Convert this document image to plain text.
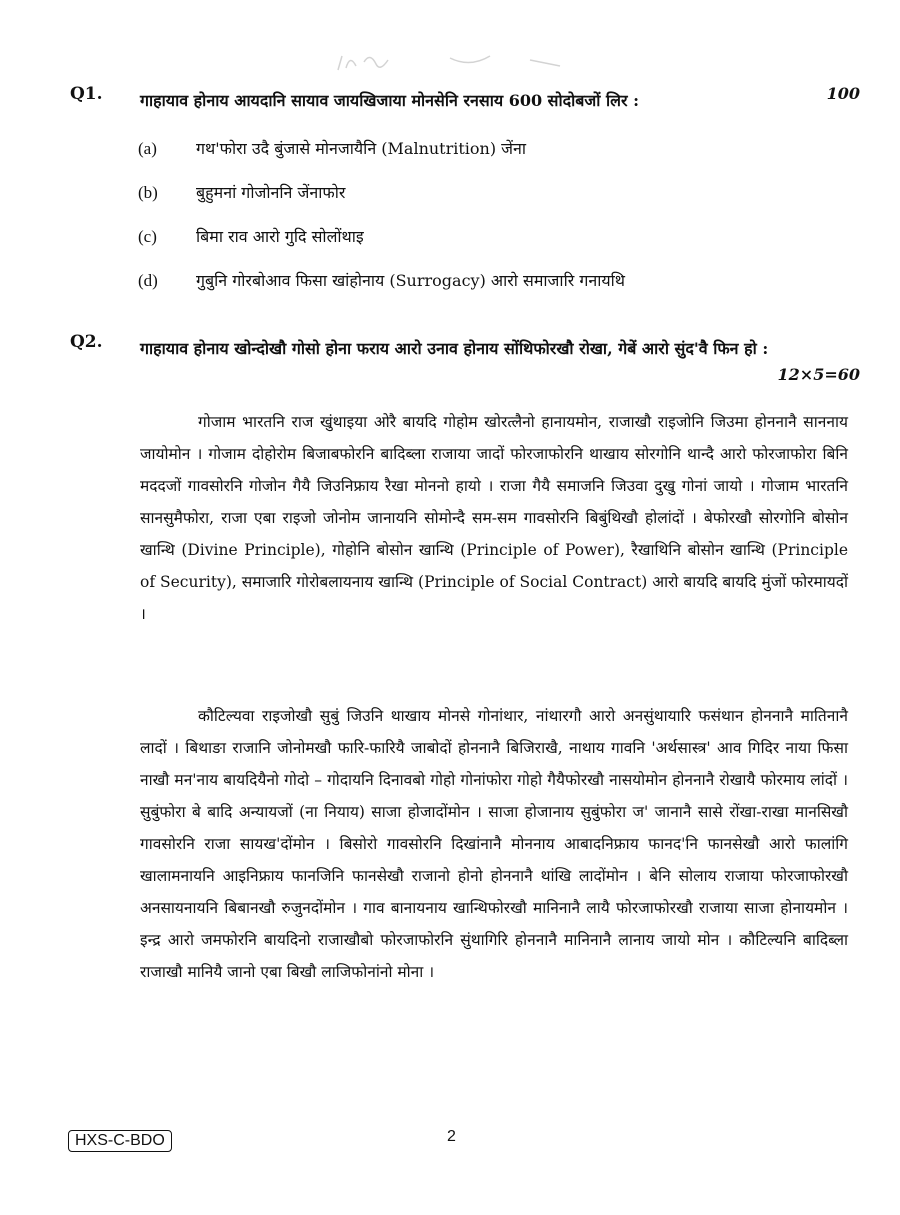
Q1. गाहायाव होनाय आयदानि सायाव जायखिजाया मोनसेनि रनसाय 600 सोदोबजों लिर :	100
(a) गथ'फोरा उदै बुंजासे मोनजायैनि (Malnutrition) जेंना
(b) बुहुमनां गोजोननि जेंनाफोर
(c) बिमा राव आरो गुदि सोलोंथाइ
(d) गुबुनि गोरबोआव फिसा खांहोनाय (Surrogacy) आरो समाजारि गनायथि
Q2. गाहायाव होनाय खोन्दोखौ गोसो होना फराय आरो उनाव होनाय सोंथिफोरखौ रोखा, गेबें आरो सुंद'वै फिन हो :
12×5=60
गोजाम भारतनि राज खुंथाइया ओरै बायदि गोहोम खोरत्लैनो हानायमोन, राजाखौ राइजोनि जिउमा होननानै साननाय जायोमोन । गोजाम दोहोरोम बिजाबफोरनि बादिब्ला राजाया जादों फोरजाफोरनि थाखाय सोरगोनि थान्दै आरो फोरजाफोरा बिनि मददजों गावसोरनि गोजोन गैयै जिउनिफ्राय रैखा मोननो हायो । राजा गैयै समाजनि जिउवा दुखु गोनां जायो । गोजाम भारतनि सानसुमैफोरा, राजा एबा राइजो जोनोम जानायनि सोमोन्दै सम-सम गावसोरनि बिबुंथिखौ होलांदों । बेफोरखौ सोरगोनि बोसोन खान्थि (Divine Principle), गोहोनि बोसोन खान्थि (Principle of Power), रैखाथिनि बोसोन खान्थि (Principle of Security), समाजारि गोरोबलायनाय खान्थि (Principle of Social Contract) आरो बायदि बायदि मुंजों फोरमायदों ।
कौटिल्यवा राइजोखौ सुबुं जिउनि थाखाय मोनसे गोनांथार, नांथारगौ आरो अनसुंथायारि फसंथान होननानै मातिनानै लादों । बिथाङा राजानि जोनोमखौ फारि-फारियै जाबोदों होननानै बिजिराखै, नाथाय गावनि 'अर्थसास्त्र' आव गिदिर नाया फिसा नाखौ मन'नाय बायदियैनो गोदो – गोदायनि दिनावबो गोहो गोनांफोरा गोहो गैयैफोरखौ नासयोमोन होननानै रोखायै फोरमाय लांदों । सुबुंफोरा बे बादि अन्यायजों (ना नियाय) साजा होजादोंमोन । साजा होजानाय सुबुंफोरा ज' जानानै सासे रोंखा-राखा मानसिखौ गावसोरनि राजा सायख'दोंमोन । बिसोरो गावसोरनि दिखांनानै मोननाय आबादनिफ्राय फानद'नि फानसेखौ आरो फालांगि खालामनायनि आइनिफ्राय फानजिनि फानसेखौ राजानो होनो होननानै थांखि लादोंमोन । बेनि सोलाय राजाया फोरजाफोरखौ अनसायनायनि बिबानखौ रुजुनदोंमोन । गाव बानायनाय खान्थिफोरखौ मानिनानै लायै फोरजाफोरखौ राजाया साजा होनायमोन । इन्द्र आरो जमफोरनि बायदिनो राजाखौबो फोरजाफोरनि सुंथागिरि होननानै मानिनानै लानाय जायो मोन । कौटिल्यनि बादिब्ला राजाखौ मानियै जानो एबा बिखौ लाजिफोनांनो मोना ।
HXS-C-BDO	2
